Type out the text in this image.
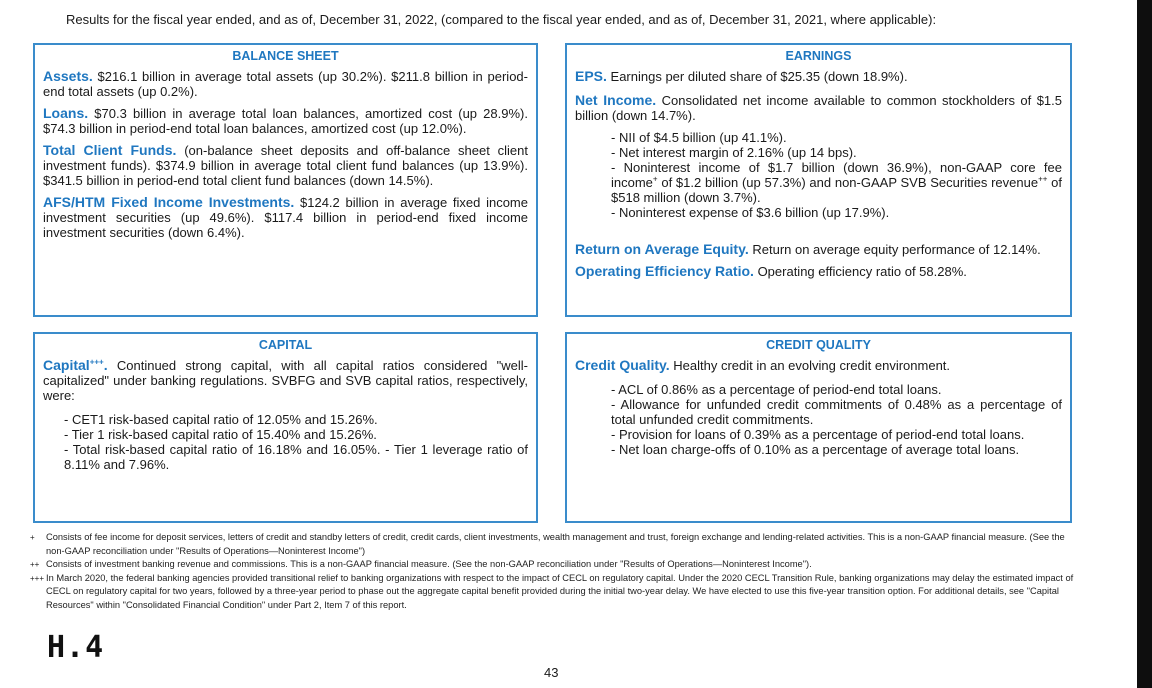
Results for the fiscal year ended, and as of, December 31, 2022, (compared to the fiscal year ended, and as of, December 31, 2021, where applicable):
BALANCE SHEET

Assets. $216.1 billion in average total assets (up 30.2%). $211.8 billion in period-end total assets (up 0.2%).

Loans. $70.3 billion in average total loan balances, amortized cost (up 28.9%). $74.3 billion in period-end total loan balances, amortized cost (up 12.0%).

Total Client Funds. (on-balance sheet deposits and off-balance sheet client investment funds). $374.9 billion in average total client fund balances (up 13.9%). $341.5 billion in period-end total client fund balances (down 14.5%).

AFS/HTM Fixed Income Investments. $124.2 billion in average fixed income investment securities (up 49.6%). $117.4 billion in period-end fixed income investment securities (down 6.4%).

EARNINGS

EPS. Earnings per diluted share of $25.35 (down 18.9%).

Net Income. Consolidated net income available to common stockholders of $1.5 billion (down 14.7%).

- NII of $4.5 billion (up 41.1%).

- Net interest margin of 2.16% (up 14 bps).

- Noninterest income of $1.7 billion (down 36.9%), non-GAAP core fee income+ of $1.2 billion (up 57.3%) and non-GAAP SVB Securities revenue++ of $518 million (down 3.7%).

- Noninterest expense of $3.6 billion (up 17.9%).

Return on Average Equity. Return on average equity performance of 12.14%.

Operating Efficiency Ratio. Operating efficiency ratio of 58.28%.

CAPITAL

Capital+++. Continued strong capital, with all capital ratios considered "well-capitalized" under banking regulations. SVBFG and SVB capital ratios, respectively, were:

- CET1 risk-based capital ratio of 12.05% and 15.26%.

- Tier 1 risk-based capital ratio of 15.40% and 15.26%.

- Total risk-based capital ratio of 16.18% and 16.05%. - Tier 1 leverage ratio of 8.11% and 7.96%.

CREDIT QUALITY

Credit Quality. Healthy credit in an evolving credit environment.

- ACL of 0.86% as a percentage of period-end total loans.

- Allowance for unfunded credit commitments of 0.48% as a percentage of total unfunded credit commitments.

- Provision for loans of 0.39% as a percentage of period-end total loans.

- Net loan charge-offs of 0.10% as a percentage of average total loans.

+	Consists of fee income for deposit services, letters of credit and standby letters of credit, credit cards, client investments, wealth management and trust, foreign exchange and lending-related activities. This is a non-GAAP financial measure. (See the non-GAAP reconciliation under "Results of Operations—Noninterest Income")
++ Consists of investment banking revenue and commissions. This is a non-GAAP financial measure. (See the non-GAAP reconciliation under "Results of Operations—Noninterest Income").
+++ In March 2020, the federal banking agencies provided transitional relief to banking organizations with respect to the impact of CECL on regulatory capital. Under the 2020 CECL Transition Rule, banking organizations may delay the estimated impact of CECL on regulatory capital for two years, followed by a three-year period to phase out the aggregate capital benefit provided during the initial two-year delay. We have elected to use this five-year transition option. For additional details, see "Capital Resources" within "Consolidated Financial Condition" under Part 2, Item 7 of this report.
H.4
43
